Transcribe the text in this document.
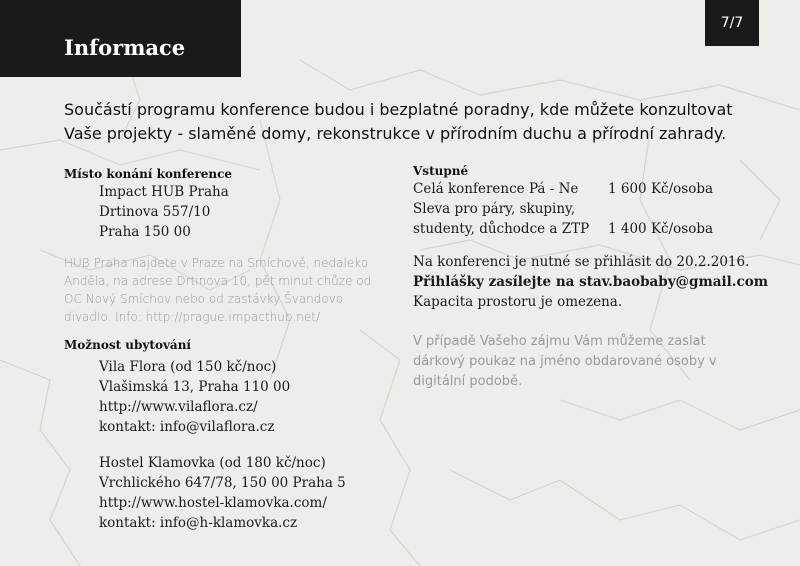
Informace
7/7
Součástí programu konference budou i bezplatné poradny, kde můžete konzultovat
Vaše projekty - slaměné domy, rekonstrukce v přírodním duchu a přírodní zahrady.
Místo konání konference
Impact HUB Praha
Drtinova 557/10
Praha 150 00
HUB Praha najdete v Praze na Smíchově, nedaleko
Anděla, na adrese Drtinova 10, pět minut chůze od
OC Nový Smíchov nebo od zastávky Švandovo
divadlo. Info: http://prague.impacthub.net/
Možnost ubytování
Vila Flora (od 150 kč/noc)
Vlašimská 13, Praha 110 00
http://www.vilaflora.cz/
kontakt: info@vilaflora.cz
Hostel Klamovka (od 180 kč/noc)
Vrchlického 647/78, 150 00 Praha 5
http://www.hostel-klamovka.com/
kontakt: info@h-klamovka.cz
Vstupné
Celá konference Pá - Ne	1 600 Kč/osoba
Sleva pro páry, skupiny,
studenty, důchodce a ZTP	1 400 Kč/osoba
Na konferenci je nutné se přihlásit do 20.2.2016.
Přihlášky zasílejte na stav.baobaby@gmail.com
Kapacita prostoru je omezena.
V případě Vašeho zájmu Vám můžeme zaslat
dárkový poukaz na jméno obdarované osoby v
digitální podobě.
